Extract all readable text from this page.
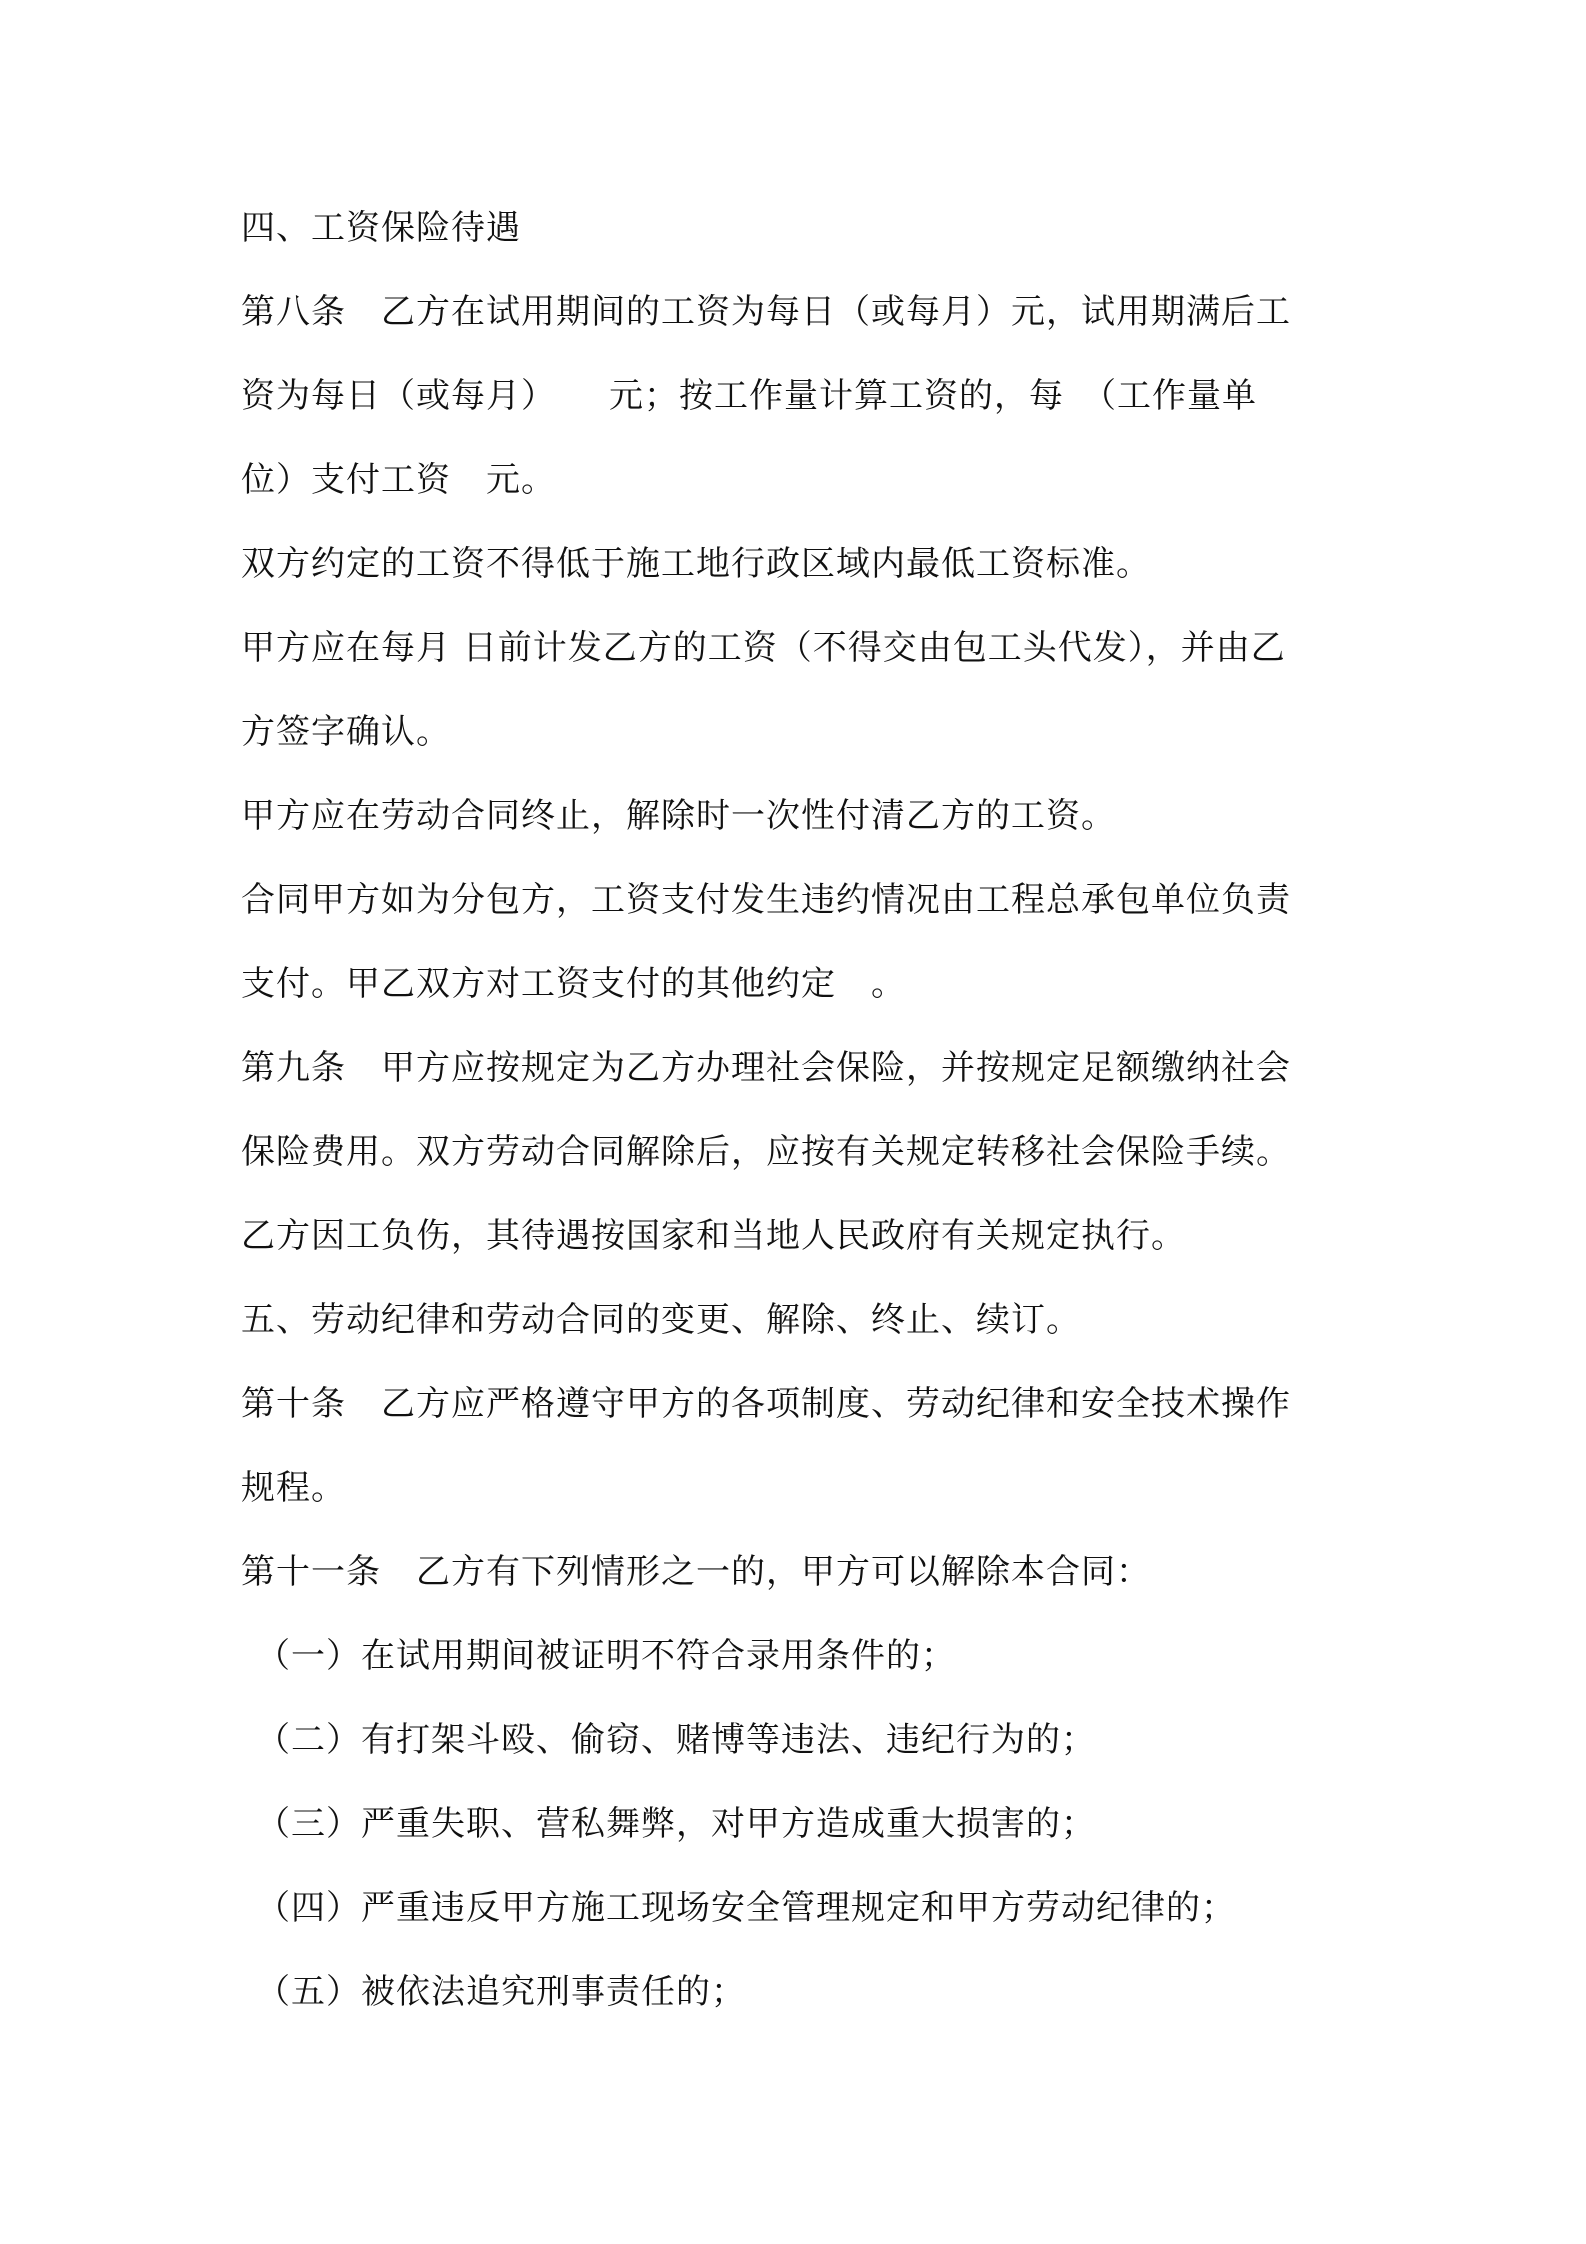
四、工资保险待遇
第八条　乙方在试用期间的工资为每日（或每月）元，试用期满后工
资为每日（或每月）　　元；按工作量计算工资的，每　（工作量单
位）支付工资　元。
双方约定的工资不得低于施工地行政区域内最低工资标准。
甲方应在每月 日前计发乙方的工资（不得交由包工头代发），并由乙
方签字确认。
甲方应在劳动合同终止，解除时一次性付清乙方的工资。
合同甲方如为分包方，工资支付发生违约情况由工程总承包单位负责
支付。甲乙双方对工资支付的其他约定　。
第九条　甲方应按规定为乙方办理社会保险，并按规定足额缴纳社会
保险费用。双方劳动合同解除后，应按有关规定转移社会保险手续。
乙方因工负伤，其待遇按国家和当地人民政府有关规定执行。
五、劳动纪律和劳动合同的变更、解除、终止、续订。
第十条　乙方应严格遵守甲方的各项制度、劳动纪律和安全技术操作
规程。
第十一条　乙方有下列情形之一的，甲方可以解除本合同：
（一）在试用期间被证明不符合录用条件的；
（二）有打架斗殴、偷窃、赌博等违法、违纪行为的；
（三）严重失职、营私舞弊，对甲方造成重大损害的；
（四）严重违反甲方施工现场安全管理规定和甲方劳动纪律的；
（五）被依法追究刑事责任的；
